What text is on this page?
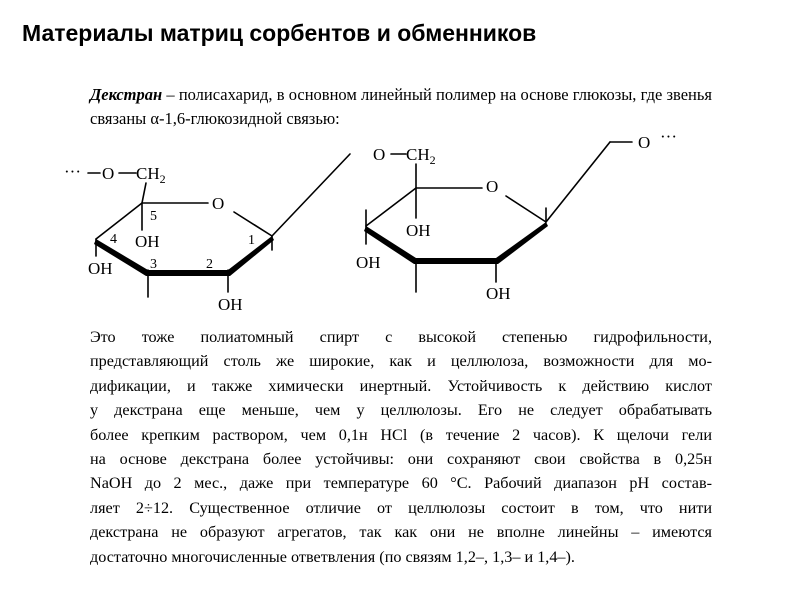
Материалы матриц сорбентов и обменников

Декстран – полисахарид, в основном линейный полимер на основе глюкозы, где звенья связаны α-1,6-глюкозидной связью:

··· O $CH_2$
O
5
4 OH	1
3	2
OH
OH
O $CH_2$
O
OH
OH
OH
O ···

Это тоже полиатомный спирт с высокой степенью гидрофильности,
представляющий столь же широкие, как и целлюлоза, возможности для мо-
дификации, и также химически инертный. Устойчивость к действию кислот
у декстрана еще меньше, чем у целлюлозы. Его не следует обрабатывать
более крепким раствором, чем 0,1н HCl (в течение 2 часов). К щелочи гели
на основе декстрана более устойчивы: они сохраняют свои свойства в 0,25н
NaOH до 2 мес., даже при температуре 60 °С. Рабочий диапазон рН состав-
ляет 2÷12. Существенное отличие от целлюлозы состоит в том, что нити
декстрана не образуют агрегатов, так как они не вполне линейны – имеются
достаточно многочисленные ответвления (по связям 1,2–, 1,3– и 1,4–).
